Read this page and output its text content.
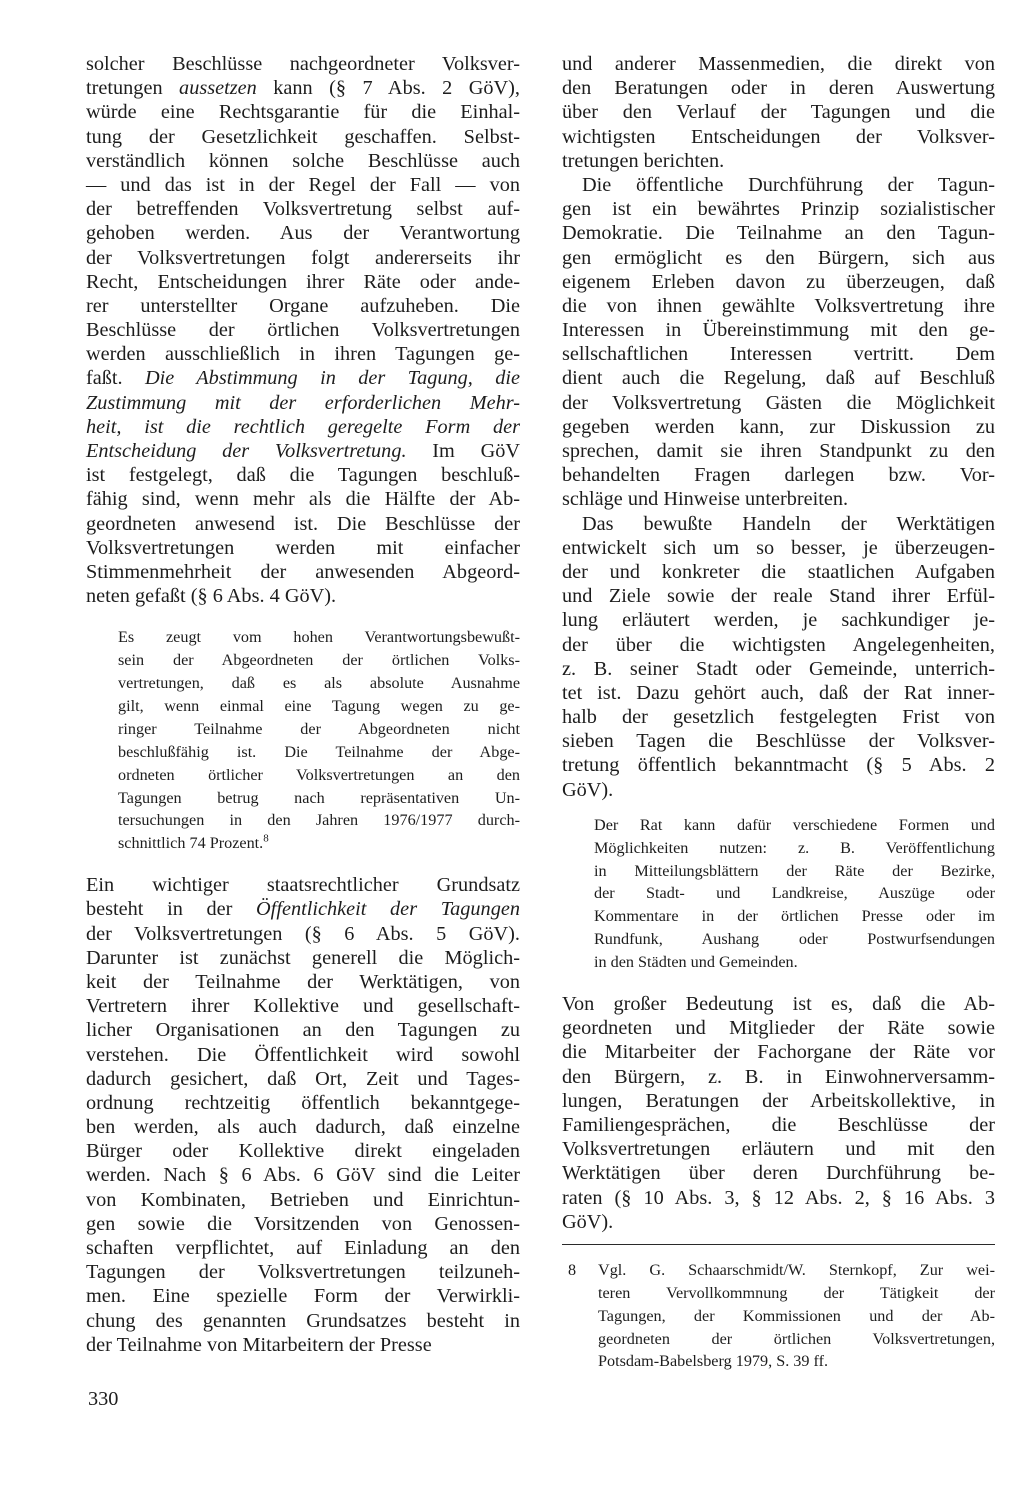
solcher Beschlüsse nachgeordneter Volksver-
tretungen aussetzen kann (§ 7 Abs. 2 GöV),
würde eine Rechtsgarantie für die Einhal-
tung der Gesetzlichkeit geschaffen. Selbst-
verständlich können solche Beschlüsse auch
— und das ist in der Regel der Fall — von
der betreffenden Volksvertretung selbst auf-
gehoben werden. Aus der Verantwortung
der Volksvertretungen folgt andererseits ihr
Recht, Entscheidungen ihrer Räte oder ande-
rer unterstellter Organe aufzuheben. Die
Beschlüsse der örtlichen Volksvertretungen
werden ausschließlich in ihren Tagungen ge-
faßt. Die Abstimmung in der Tagung, die
Zustimmung mit der erforderlichen Mehr-
heit, ist die rechtlich geregelte Form der
Entscheidung der Volksvertretung. Im GöV
ist festgelegt, daß die Tagungen beschluß-
fähig sind, wenn mehr als die Hälfte der Ab-
geordneten anwesend ist. Die Beschlüsse der
Volksvertretungen werden mit einfacher
Stimmenmehrheit der anwesenden Abgeord-
neten gefaßt (§ 6 Abs. 4 GöV).
Es zeugt vom hohen Verantwortungsbewußt-
sein der Abgeordneten der örtlichen Volks-
vertretungen, daß es als absolute Ausnahme
gilt, wenn einmal eine Tagung wegen zu ge-
ringer Teilnahme der Abgeordneten nicht
beschlußfähig ist. Die Teilnahme der Abge-
ordneten örtlicher Volksvertretungen an den
Tagungen betrug nach repräsentativen Un-
tersuchungen in den Jahren 1976/1977 durch-
schnittlich 74 Prozent.$^8$
Ein wichtiger staatsrechtlicher Grundsatz
besteht in der Öffentlichkeit der Tagungen
der Volksvertretungen (§ 6 Abs. 5 GöV).
Darunter ist zunächst generell die Möglich-
keit der Teilnahme der Werktätigen, von
Vertretern ihrer Kollektive und gesellschaft-
licher Organisationen an den Tagungen zu
verstehen. Die Öffentlichkeit wird sowohl
dadurch gesichert, daß Ort, Zeit und Tages-
ordnung rechtzeitig öffentlich bekanntgege-
ben werden, als auch dadurch, daß einzelne
Bürger oder Kollektive direkt eingeladen
werden. Nach § 6 Abs. 6 GöV sind die Leiter
von Kombinaten, Betrieben und Einrichtun-
gen sowie die Vorsitzenden von Genossen-
schaften verpflichtet, auf Einladung an den
Tagungen der Volksvertretungen teilzuneh-
men. Eine spezielle Form der Verwirkli-
chung des genannten Grundsatzes besteht in
der Teilnahme von Mitarbeitern der Presse
und anderer Massenmedien, die direkt von
den Beratungen oder in deren Auswertung
über den Verlauf der Tagungen und die
wichtigsten Entscheidungen der Volksver-
tretungen berichten.
Die öffentliche Durchführung der Tagun-
gen ist ein bewährtes Prinzip sozialistischer
Demokratie. Die Teilnahme an den Tagun-
gen ermöglicht es den Bürgern, sich aus
eigenem Erleben davon zu überzeugen, daß
die von ihnen gewählte Volksvertretung ihre
Interessen in Übereinstimmung mit den ge-
sellschaftlichen Interessen vertritt. Dem
dient auch die Regelung, daß auf Beschluß
der Volksvertretung Gästen die Möglichkeit
gegeben werden kann, zur Diskussion zu
sprechen, damit sie ihren Standpunkt zu den
behandelten Fragen darlegen bzw. Vor-
schläge und Hinweise unterbreiten.
Das bewußte Handeln der Werktätigen
entwickelt sich um so besser, je überzeugen-
der und konkreter die staatlichen Aufgaben
und Ziele sowie der reale Stand ihrer Erfül-
lung erläutert werden, je sachkundiger je-
der über die wichtigsten Angelegenheiten,
z. B. seiner Stadt oder Gemeinde, unterrich-
tet ist. Dazu gehört auch, daß der Rat inner-
halb der gesetzlich festgelegten Frist von
sieben Tagen die Beschlüsse der Volksver-
tretung öffentlich bekanntmacht (§ 5 Abs. 2
GöV).
Der Rat kann dafür verschiedene Formen und
Möglichkeiten nutzen: z. B. Veröffentlichung
in Mitteilungsblättern der Räte der Bezirke,
der Stadt- und Landkreise, Auszüge oder
Kommentare in der örtlichen Presse oder im
Rundfunk, Aushang oder Postwurfsendungen
in den Städten und Gemeinden.
Von großer Bedeutung ist es, daß die Ab-
geordneten und Mitglieder der Räte sowie
die Mitarbeiter der Fachorgane der Räte vor
den Bürgern, z. B. in Einwohnerversamm-
lungen, Beratungen der Arbeitskollektive, in
Familiengesprächen, die Beschlüsse der
Volksvertretungen erläutern und mit den
Werktätigen über deren Durchführung be-
raten (§ 10 Abs. 3, § 12 Abs. 2, § 16 Abs. 3
GöV).
8	Vgl. G. Schaarschmidt/W. Sternkopf, Zur wei-
teren Vervollkommnung der Tätigkeit der
Tagungen, der Kommissionen und der Ab-
geordneten der örtlichen Volksvertretungen,
Potsdam-Babelsberg 1979, S. 39 ff.
330
